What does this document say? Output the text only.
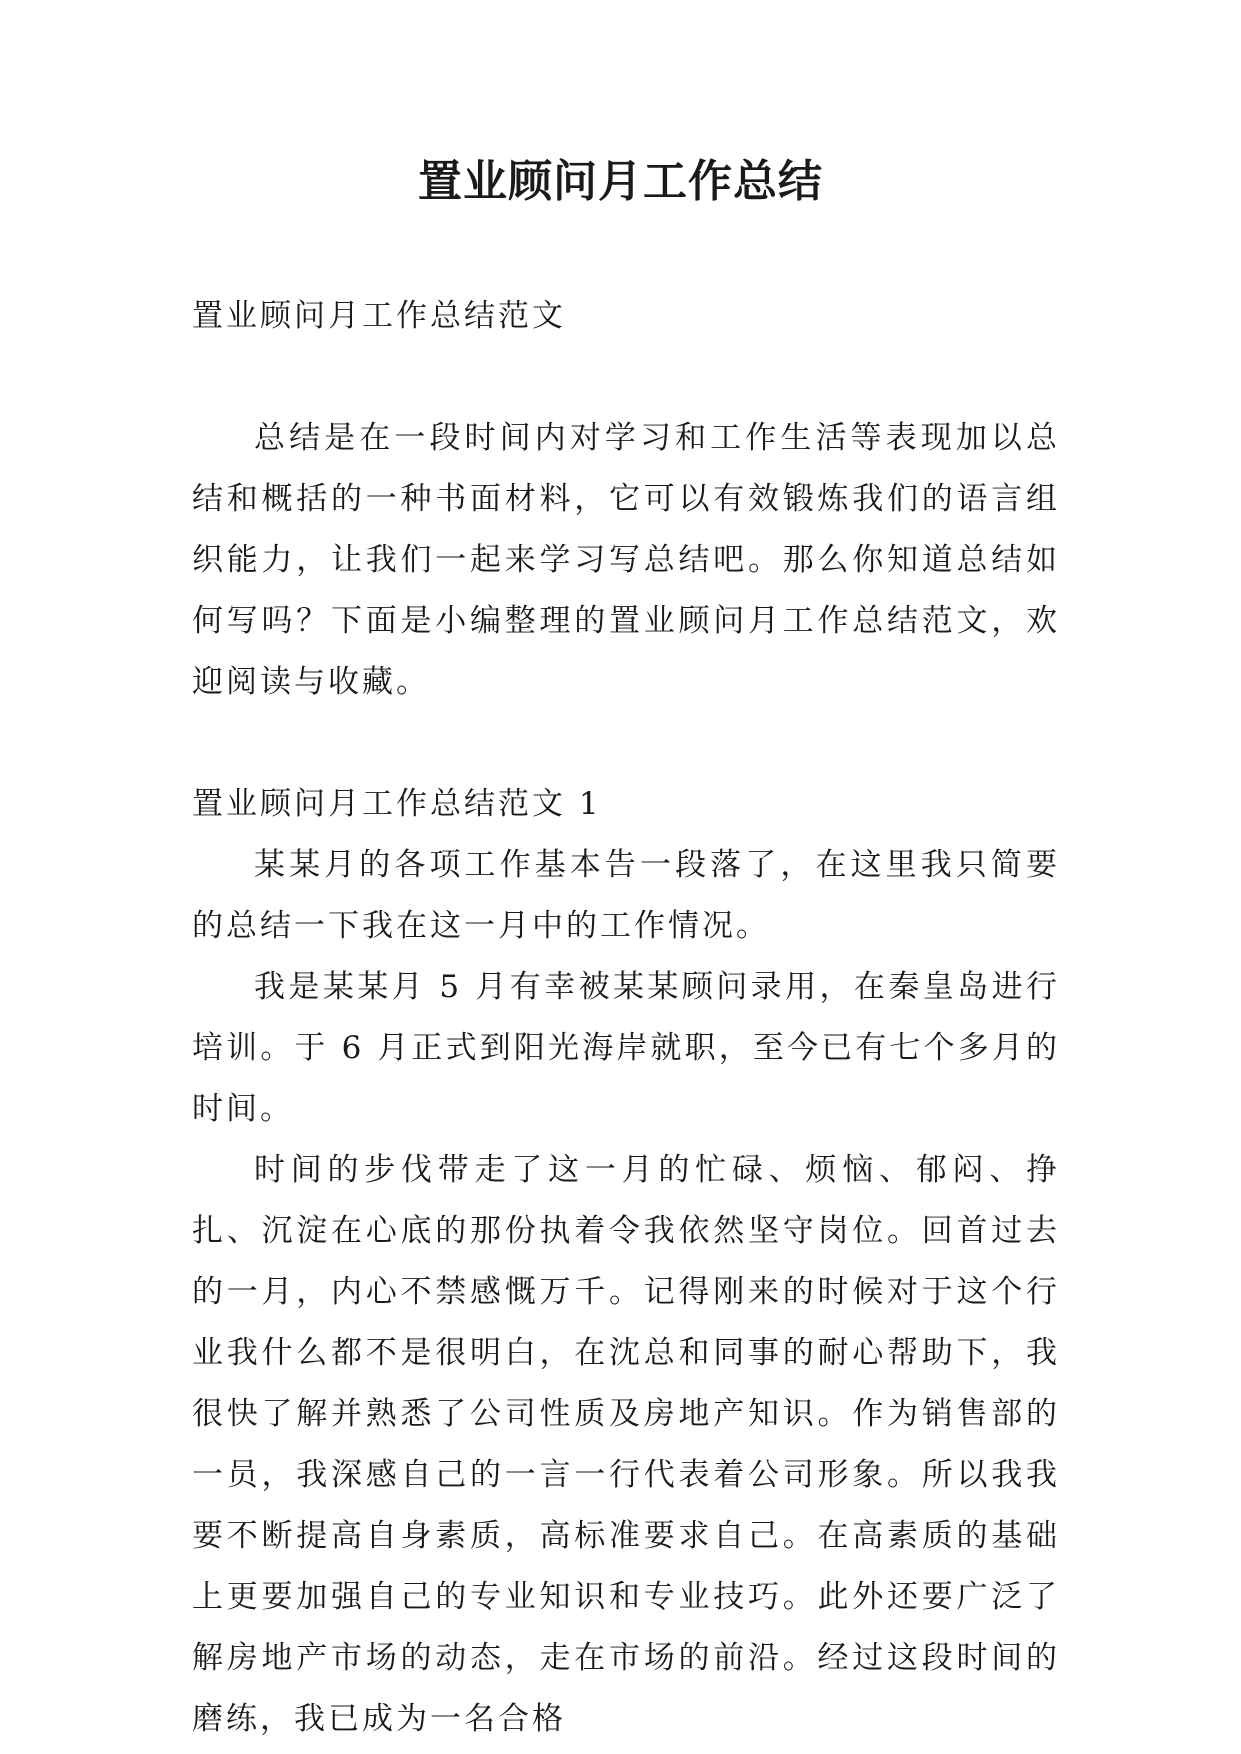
置业顾问月工作总结

置业顾问月工作总结范文

总结是在一段时间内对学习和工作生活等表现加以总结和概括的一种书面材料，它可以有效锻炼我们的语言组织能力，让我们一起来学习写总结吧。那么你知道总结如何写吗？下面是小编整理的置业顾问月工作总结范文，欢迎阅读与收藏。

置业顾问月工作总结范文 1

某某月的各项工作基本告一段落了，在这里我只简要的总结一下我在这一月中的工作情况。

我是某某月 5 月有幸被某某顾问录用，在秦皇岛进行培训。于 6 月正式到阳光海岸就职，至今已有七个多月的时间。

时间的步伐带走了这一月的忙碌、烦恼、郁闷、挣扎、沉淀在心底的那份执着令我依然坚守岗位。回首过去的一月，内心不禁感慨万千。记得刚来的时候对于这个行业我什么都不是很明白，在沈总和同事的耐心帮助下，我很快了解并熟悉了公司性质及房地产知识。作为销售部的一员，我深感自己的一言一行代表着公司形象。所以我我要不断提高自身素质，高标准要求自己。在高素质的基础上更要加强自己的专业知识和专业技巧。此外还要广泛了解房地产市场的动态，走在市场的前沿。经过这段时间的磨练，我已成为一名合格
